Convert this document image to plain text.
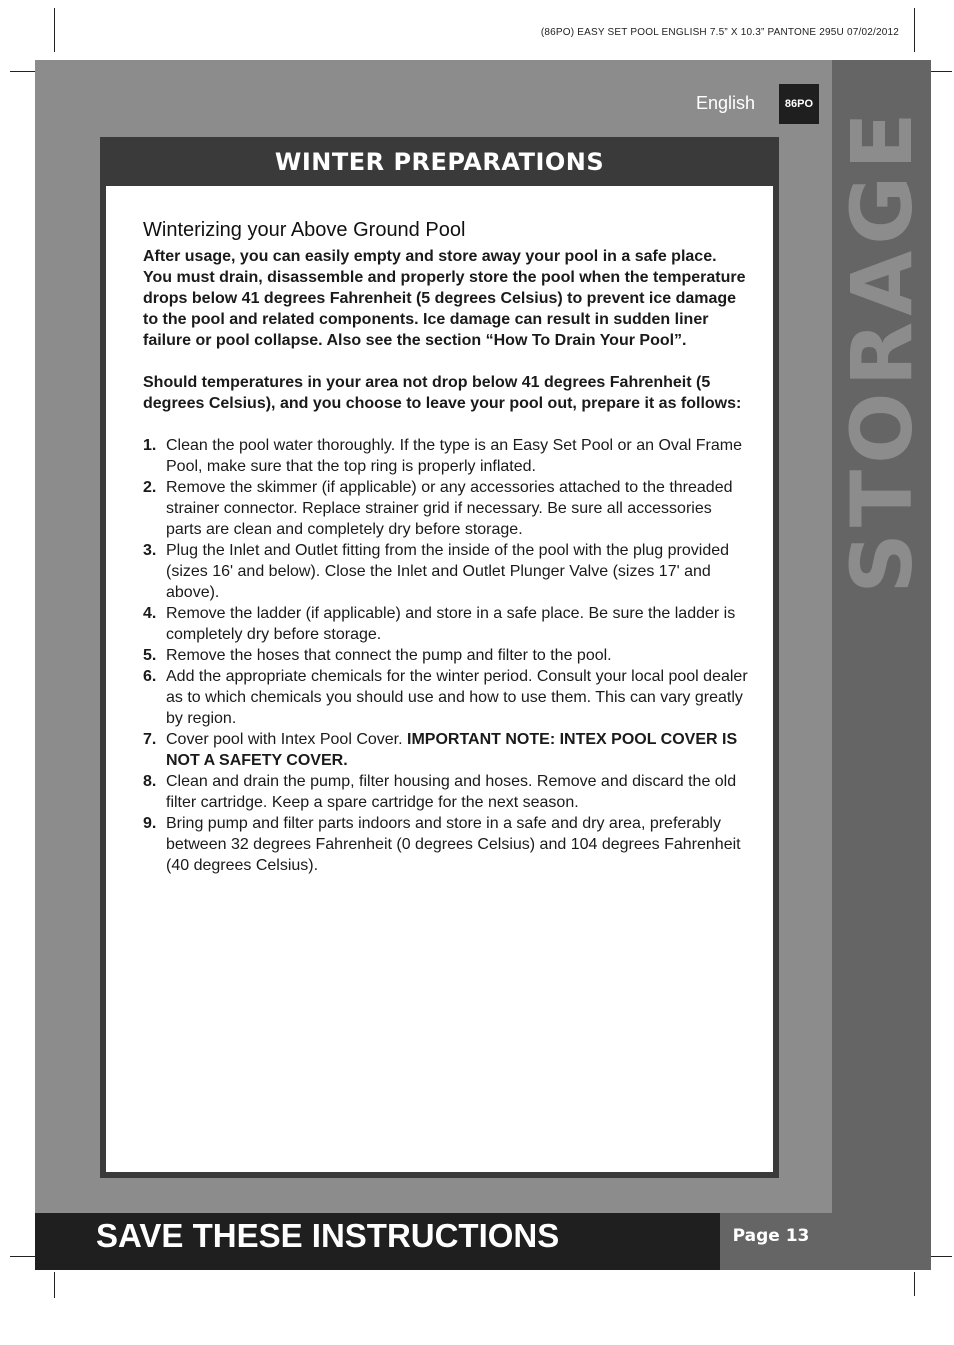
(86PO) EASY SET POOL ENGLISH 7.5” X 10.3” PANTONE 295U 07/02/2012
STORAGE
English	86PO
WINTER PREPARATIONS
Winterizing your Above Ground Pool

After usage, you can easily empty and store away your pool in a safe place. You must drain, disassemble and properly store the pool when the temperature drops below 41 degrees Fahrenheit (5 degrees Celsius) to prevent ice damage to the pool and related components. Ice damage can result in sudden liner failure or pool collapse. Also see the section “How To Drain Your Pool”.

Should temperatures in your area not drop below 41 degrees Fahrenheit (5 degrees Celsius), and you choose to leave your pool out, prepare it as follows:

1. Clean the pool water thoroughly. If the type is an Easy Set Pool or an Oval Frame Pool, make sure that the top ring is properly inflated.
2. Remove the skimmer (if applicable) or any accessories attached to the threaded strainer connector. Replace strainer grid if necessary. Be sure all accessories parts are clean and completely dry before storage.
3. Plug the Inlet and Outlet fitting from the inside of the pool with the plug provided (sizes 16' and below). Close the Inlet and Outlet Plunger Valve (sizes 17' and above).
4. Remove the ladder (if applicable) and store in a safe place. Be sure the ladder is completely dry before storage.
5. Remove the hoses that connect the pump and filter to the pool.
6. Add the appropriate chemicals for the winter period. Consult your local pool dealer as to which chemicals you should use and how to use them. This can vary greatly by region.
7. Cover pool with Intex Pool Cover. IMPORTANT NOTE: INTEX POOL COVER IS NOT A SAFETY COVER.
8. Clean and drain the pump, filter housing and hoses. Remove and discard the old filter cartridge. Keep a spare cartridge for the next season.
9. Bring pump and filter parts indoors and store in a safe and dry area, preferably between 32 degrees Fahrenheit (0 degrees Celsius) and 104 degrees Fahrenheit (40 degrees Celsius).
SAVE THESE INSTRUCTIONS	Page 13
